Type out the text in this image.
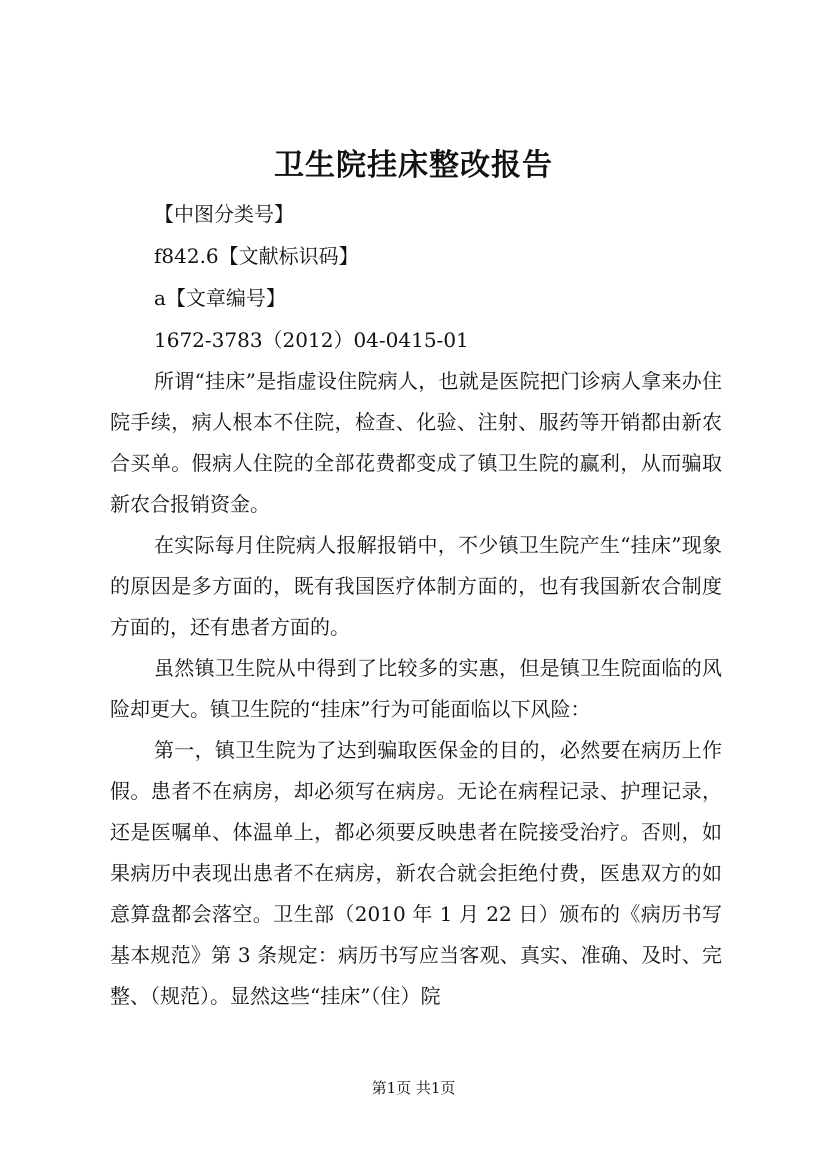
卫生院挂床整改报告
【中图分类号】
f842.6【文献标识码】
a【文章编号】
1672-3783（2012）04-0415-01
所谓“挂床”是指虚设住院病人，也就是医院把门诊病人拿来办住院手续，病人根本不住院，检查、化验、注射、服药等开销都由新农合买单。假病人住院的全部花费都变成了镇卫生院的赢利，从而骗取新农合报销资金。
在实际每月住院病人报解报销中，不少镇卫生院产生“挂床”现象的原因是多方面的，既有我国医疗体制方面的，也有我国新农合制度方面的，还有患者方面的。
虽然镇卫生院从中得到了比较多的实惠，但是镇卫生院面临的风险却更大。镇卫生院的“挂床”行为可能面临以下风险：
第一，镇卫生院为了达到骗取医保金的目的，必然要在病历上作假。患者不在病房，却必须写在病房。无论在病程记录、护理记录，还是医嘱单、体温单上，都必须要反映患者在院接受治疗。否则，如果病历中表现出患者不在病房，新农合就会拒绝付费，医患双方的如意算盘都会落空。卫生部（2010 年 1 月 22 日）颁布的《病历书写基本规范》第 3 条规定：病历书写应当客观、真实、准确、及时、完整、（规范）。显然这些“挂床”（住）院
第1页 共1页
